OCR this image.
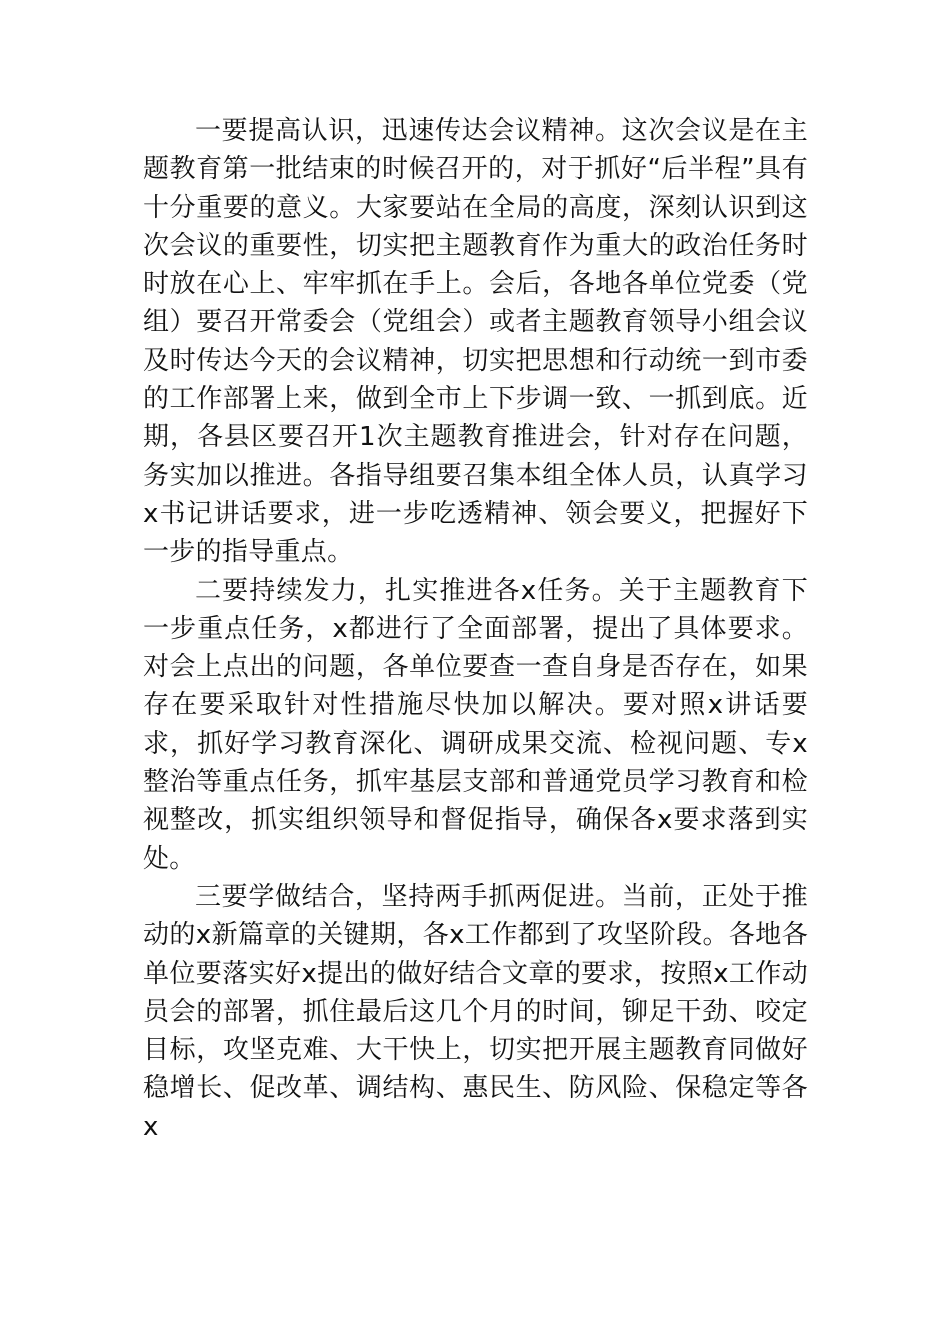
一要提高认识，迅速传达会议精神。这次会议是在主题教育第一批结束的时候召开的，对于抓好“后半程”具有十分重要的意义。大家要站在全局的高度，深刻认识到这次会议的重要性，切实把主题教育作为重大的政治任务时时放在心上、牢牢抓在手上。会后，各地各单位党委（党组）要召开常委会（党组会）或者主题教育领导小组会议及时传达今天的会议精神，切实把思想和行动统一到市委的工作部署上来，做到全市上下步调一致、一抓到底。近期，各县区要召开1次主题教育推进会，针对存在问题，务实加以推进。各指导组要召集本组全体人员，认真学习x书记讲话要求，进一步吃透精神、领会要义，把握好下一步的指导重点。

二要持续发力，扎实推进各x任务。关于主题教育下一步重点任务，x都进行了全面部署，提出了具体要求。对会上点出的问题，各单位要查一查自身是否存在，如果存在要采取针对性措施尽快加以解决。要对照x讲话要求，抓好学习教育深化、调研成果交流、检视问题、专x整治等重点任务，抓牢基层支部和普通党员学习教育和检视整改，抓实组织领导和督促指导，确保各x要求落到实处。

三要学做结合，坚持两手抓两促进。当前，正处于推动的x新篇章的关键期，各x工作都到了攻坚阶段。各地各单位要落实好x提出的做好结合文章的要求，按照x工作动员会的部署，抓住最后这几个月的时间，铆足干劲、咬定目标，攻坚克难、大干快上，切实把开展主题教育同做好稳增长、促改革、调结构、惠民生、防风险、保稳定等各x
